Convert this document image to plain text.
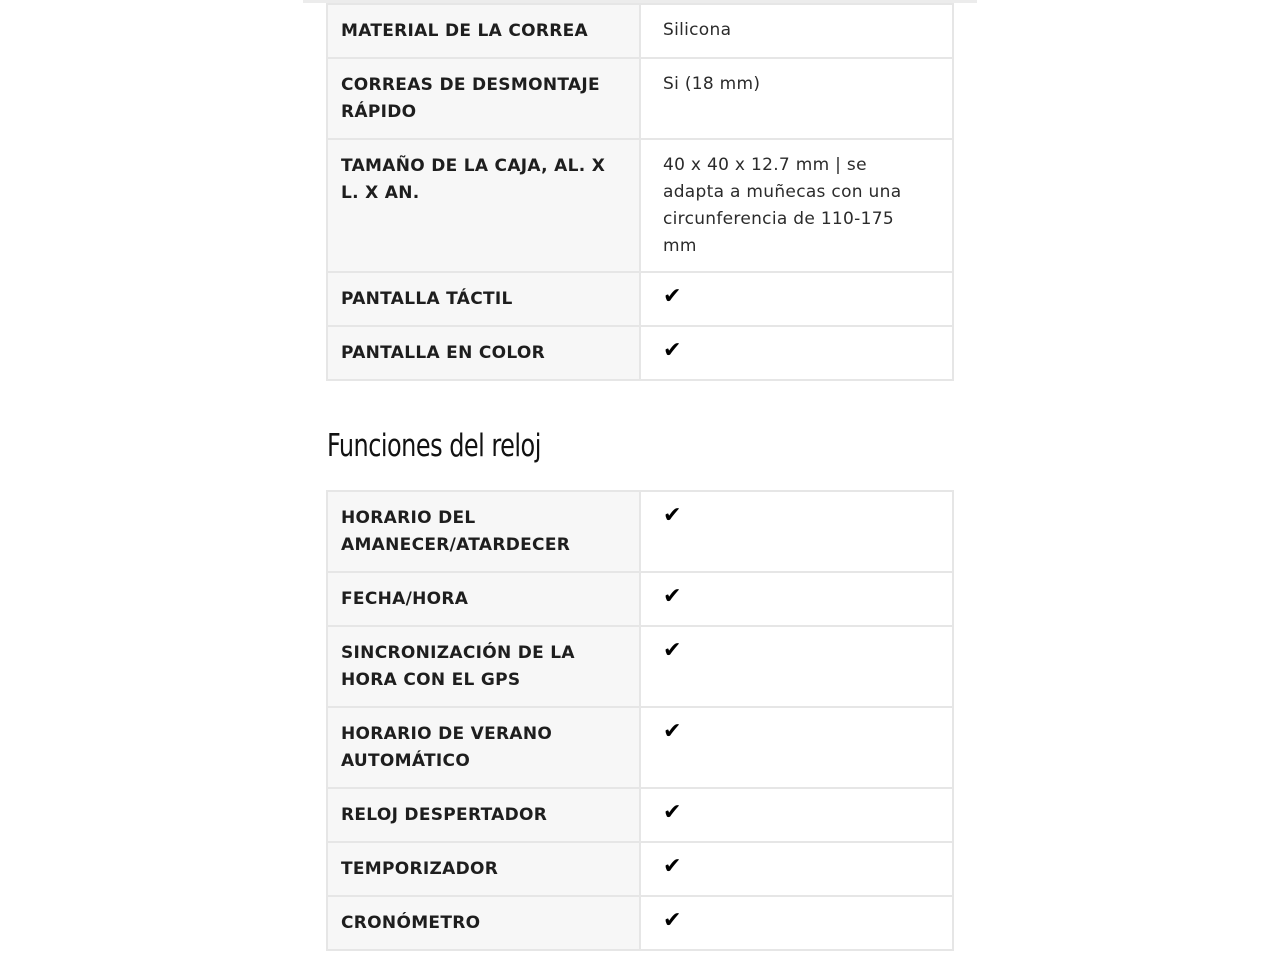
MATERIAL DE LA CORREA	Silicona
CORREAS DE DESMONTAJE RÁPIDO	Si (18 mm)
TAMAÑO DE LA CAJA, AL. X L. X AN.	40 x 40 x 12.7 mm | se adapta a muñecas con una circunferencia de 110-175 mm
PANTALLA TÁCTIL	✔
PANTALLA EN COLOR	✔
Funciones del reloj
HORARIO DEL AMANECER/ATARDECER	✔
FECHA/HORA	✔
SINCRONIZACIÓN DE LA HORA CON EL GPS	✔
HORARIO DE VERANO AUTOMÁTICO	✔
RELOJ DESPERTADOR	✔
TEMPORIZADOR	✔
CRONÓMETRO	✔
